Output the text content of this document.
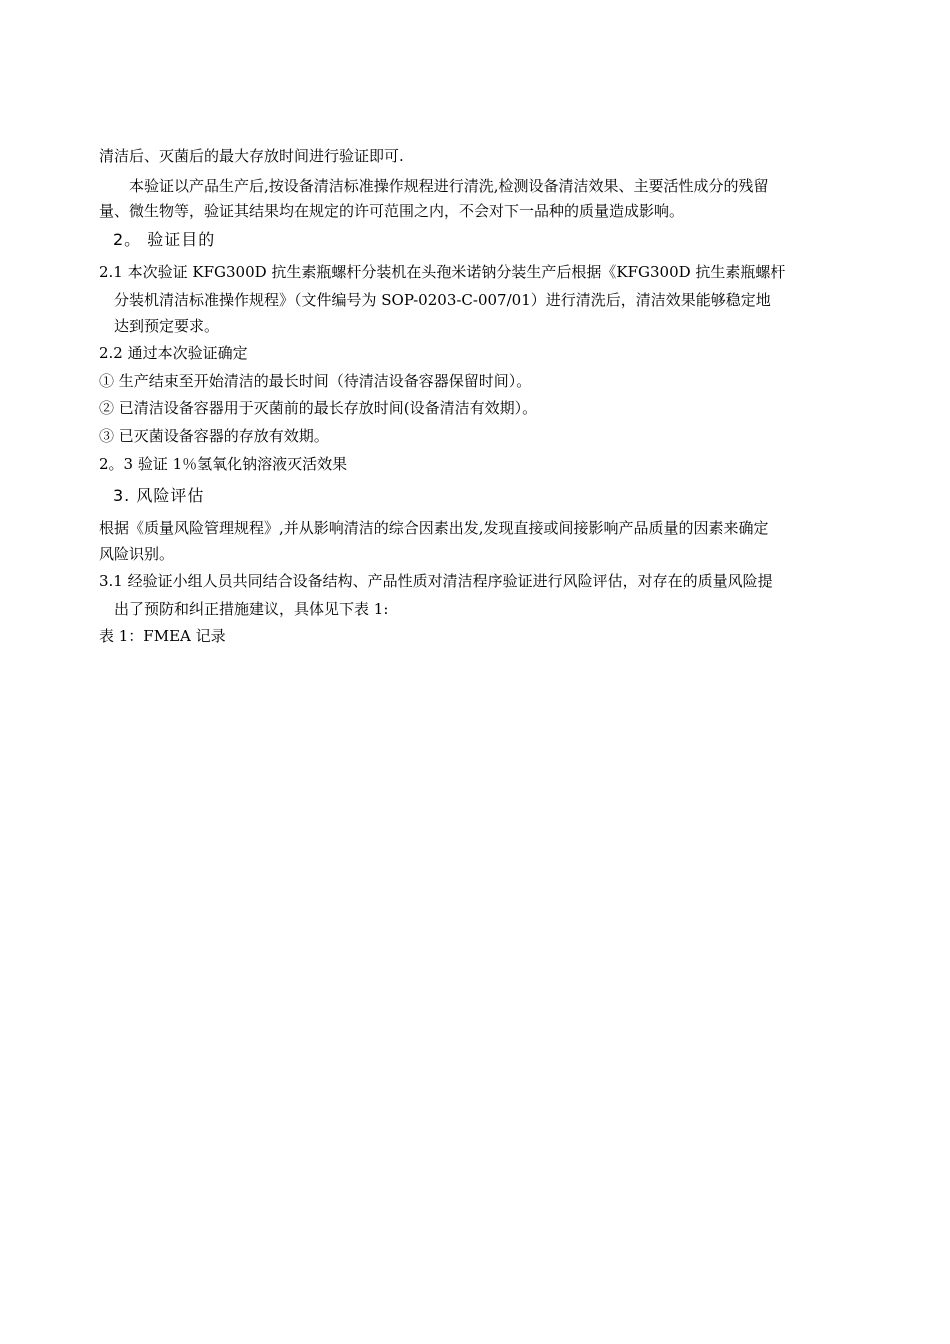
清洁后、灭菌后的最大存放时间进行验证即可.
本验证以产品生产后,按设备清洁标准操作规程进行清洗,检测设备清洁效果、主要活性成分的残留
量、微生物等，验证其结果均在规定的许可范围之内，不会对下一品种的质量造成影响。
2。 验证目的
2.1 本次验证 KFG300D 抗生素瓶螺杆分装机在头孢米诺钠分装生产后根据《KFG300D 抗生素瓶螺杆
分装机清洁标准操作规程》（文件编号为 SOP-0203-C-007/01）进行清洗后，清洁效果能够稳定地
达到预定要求。
2.2 通过本次验证确定
① 生产结束至开始清洁的最长时间（待清洁设备容器保留时间）。
② 已清洁设备容器用于灭菌前的最长存放时间(设备清洁有效期）。
③ 已灭菌设备容器的存放有效期。
2。3 验证 1％氢氧化钠溶液灭活效果
3. 风险评估
根据《质量风险管理规程》,并从影响清洁的综合因素出发,发现直接或间接影响产品质量的因素来确定
风险识别。
3.1 经验证小组人员共同结合设备结构、产品性质对清洁程序验证进行风险评估，对存在的质量风险提
出了预防和纠正措施建议，具体见下表 1:
表 1：FMEA 记录
